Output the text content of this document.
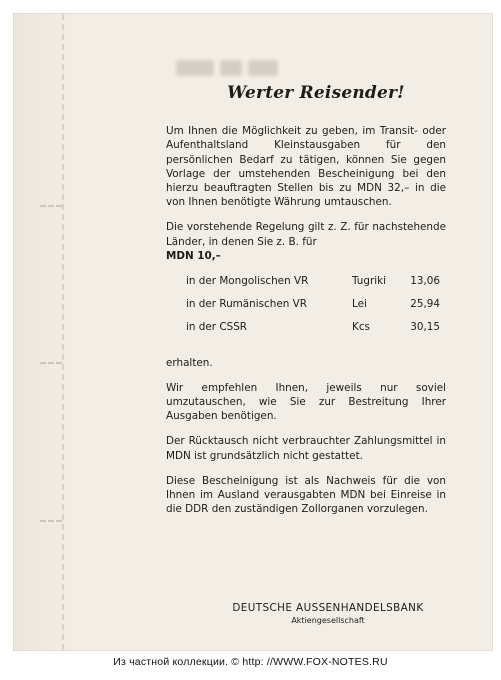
Werter Reisender!

Um Ihnen die Möglichkeit zu geben, im Transit- oder Aufenthaltsland Kleinstausgaben für den persönlichen Bedarf zu tätigen, können Sie gegen Vorlage der umstehenden Bescheinigung bei den hierzu beauftragten Stellen bis zu MDN 32,– in die von Ihnen benötigte Währung umtauschen.

Die vorstehende Regelung gilt z. Z. für nachstehende Länder, in denen Sie z. B. für
MDN 10,–

in der Mongolischen VR	Tugriki	13,06
in der Rumänischen VR	Lei	25,94
in der CSSR	Kcs	30,15

erhalten.

Wir empfehlen Ihnen, jeweils nur soviel umzutauschen, wie Sie zur Bestreitung Ihrer Ausgaben benötigen.

Der Rücktausch nicht verbrauchter Zahlungsmittel in MDN ist grundsätzlich nicht gestattet.

Diese Bescheinigung ist als Nachweis für die von Ihnen im Ausland verausgabten MDN bei Einreise in die DDR den zuständigen Zollorganen vorzulegen.

DEUTSCHE AUSSENHANDELSBANK
Aktiengesellschaft
Из частной коллекции. © http: //WWW.FOX-NOTES.RU
